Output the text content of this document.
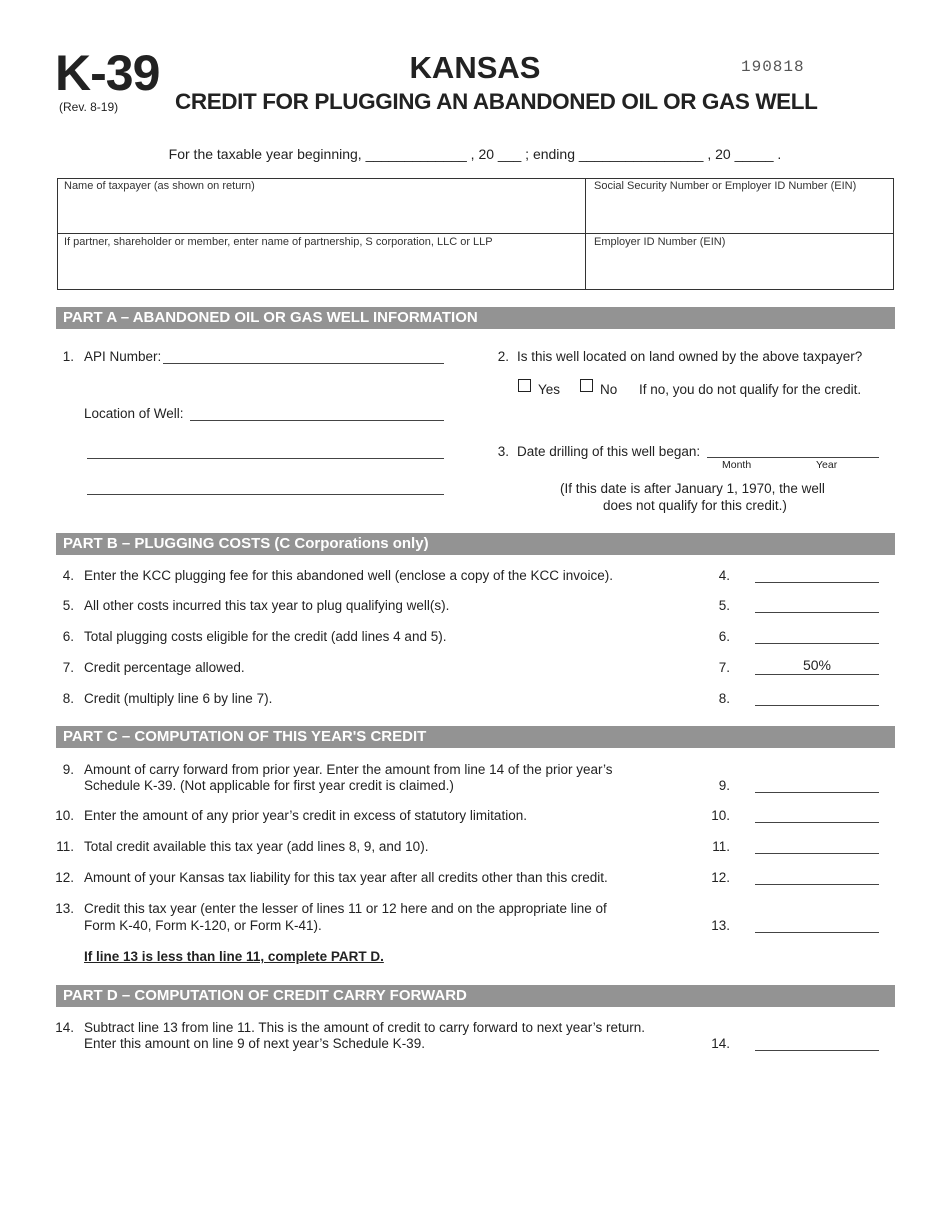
K-39
(Rev. 8-19)
KANSAS	190818
CREDIT FOR PLUGGING AN ABANDONED OIL OR GAS WELL
For the taxable year beginning, _____________ , 20 ___ ; ending ________________ , 20 _____ .
Name of taxpayer (as shown on return)	Social Security Number or Employer ID Number (EIN)
If partner, shareholder or member, enter name of partnership, S corporation, LLC or LLP	Employer ID Number (EIN)
PART A – ABANDONED OIL OR GAS WELL INFORMATION
1. API Number:
Location of Well:
2. Is this well located on land owned by the above taxpayer?
Yes	No If no, you do not qualify for the credit.
3. Date drilling of this well began:
Month	Year
(If this date is after January 1, 1970, the well
does not qualify for this credit.)
PART B – PLUGGING COSTS (C Corporations only)
4. Enter the KCC plugging fee for this abandoned well (enclose a copy of the KCC invoice).	4.
5. All other costs incurred this tax year to plug qualifying well(s).	5.
6. Total plugging costs eligible for the credit (add lines 4 and 5).	6.
7. Credit percentage allowed.	7.	50%
8. Credit (multiply line 6 by line 7).	8.
PART C – COMPUTATION OF THIS YEAR'S CREDIT
9. Amount of carry forward from prior year. Enter the amount from line 14 of the prior year’s
Schedule K-39. (Not applicable for first year credit is claimed.)	9.
10. Enter the amount of any prior year’s credit in excess of statutory limitation.	10.
11. Total credit available this tax year (add lines 8, 9, and 10).	11.
12. Amount of your Kansas tax liability for this tax year after all credits other than this credit.	12.
13. Credit this tax year (enter the lesser of lines 11 or 12 here and on the appropriate line of
Form K-40, Form K-120, or Form K-41).	13.
If line 13 is less than line 11, complete PART D.
PART D – COMPUTATION OF CREDIT CARRY FORWARD
14. Subtract line 13 from line 11. This is the amount of credit to carry forward to next year’s return.
Enter this amount on line 9 of next year’s Schedule K-39.	14.
